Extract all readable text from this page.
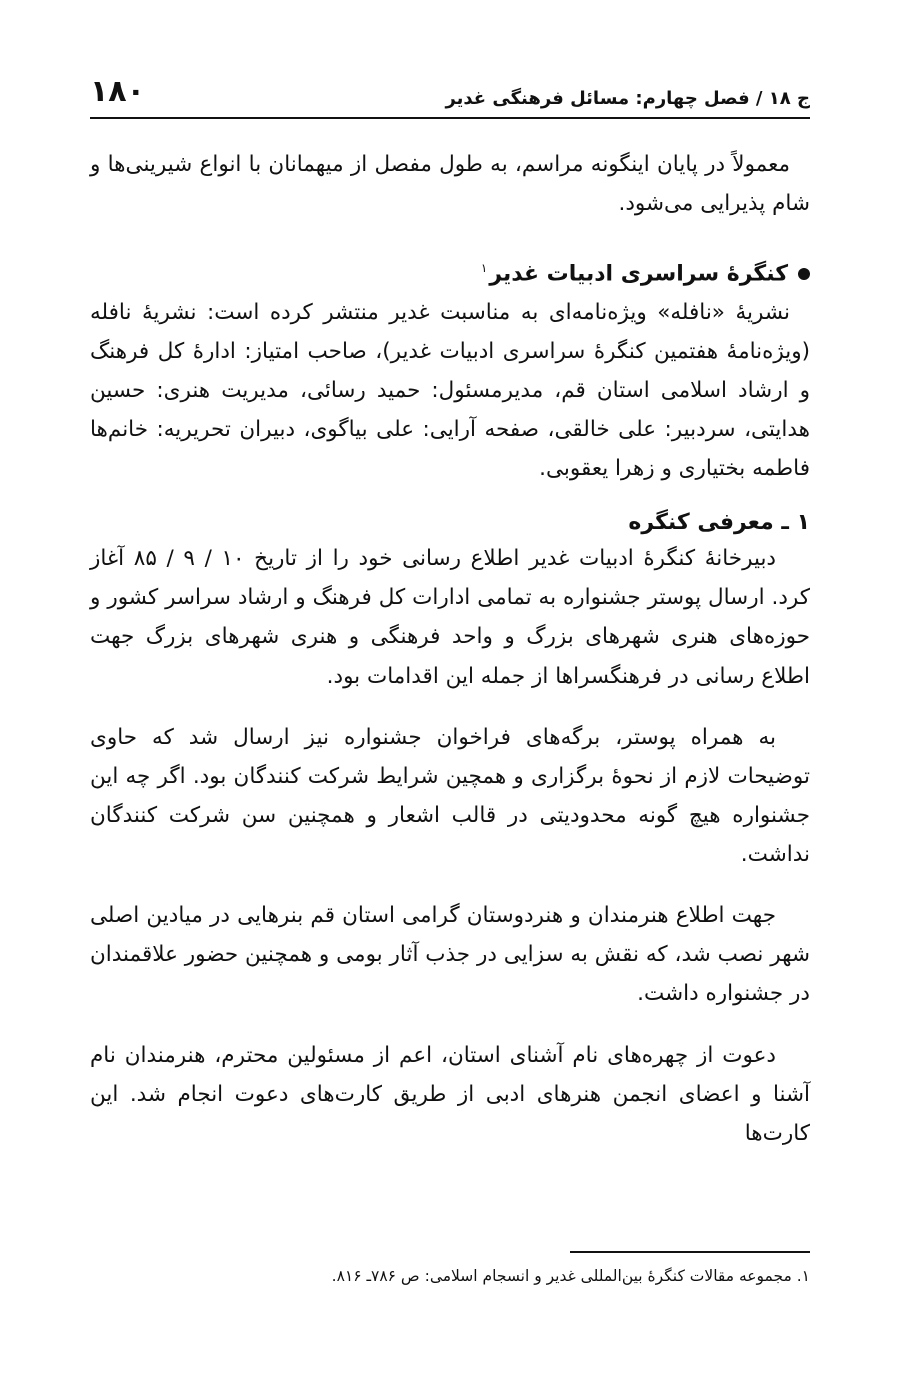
ج ۱۸ / فصل چهارم: مسائل فرهنگی غدیر
۱۸۰

معمولاً در پایان اینگونه مراسم، به طول مفصل از میهمانان با انواع شیرینی‌ها و شام پذیرایی می‌شود.

کنگرۀ سراسری ادبیات غدیر$^۱$

نشریۀ «نافله» ویژه‌نامه‌ای به مناسبت غدیر منتشر کرده است: نشریۀ نافله (ویژه‌نامۀ هفتمین کنگرۀ سراسری ادبیات غدیر)، صاحب امتیاز: ادارۀ کل فرهنگ و ارشاد اسلامی استان قم، مدیرمسئول: حمید رسائی، مدیریت هنری: حسین هدایتی، سردبیر: علی خالقی، صفحه آرایی: علی بیاگوی، دبیران تحریریه: خانم‌ها فاطمه بختیاری و زهرا یعقوبی.

۱ ـ معرفی کنگره

دبیرخانۀ کنگرۀ ادبیات غدیر اطلاع رسانی خود را از تاریخ ۱۰ / ۹ / ۸۵ آغاز کرد. ارسال پوستر جشنواره به تمامی ادارات کل فرهنگ و ارشاد سراسر کشور و حوزه‌های هنری شهرهای بزرگ و واحد فرهنگی و هنری شهرهای بزرگ جهت اطلاع رسانی در فرهنگسراها از جمله این اقدامات بود.

به همراه پوستر، برگه‌های فراخوان جشنواره نیز ارسال شد که حاوی توضیحات لازم از نحوۀ برگزاری و همچین شرایط شرکت کنندگان بود. اگر چه این جشنواره هیچ گونه محدودیتی در قالب اشعار و همچنین سن شرکت کنندگان نداشت.

جهت اطلاع هنرمندان و هنردوستان گرامی استان قم بنرهایی در میادین اصلی شهر نصب شد، که نقش به سزایی در جذب آثار بومی و همچنین حضور علاقمندان در جشنواره داشت.

دعوت از چهره‌های نام آشنای استان، اعم از مسئولین محترم، هنرمندان نام آشنا و اعضای انجمن هنرهای ادبی از طریق کارت‌های دعوت انجام شد. این کارت‌ها

۱. مجموعه مقالات کنگرۀ بین‌المللی غدیر و انسجام اسلامی: ص ۷۸۶ـ ۸۱۶.
